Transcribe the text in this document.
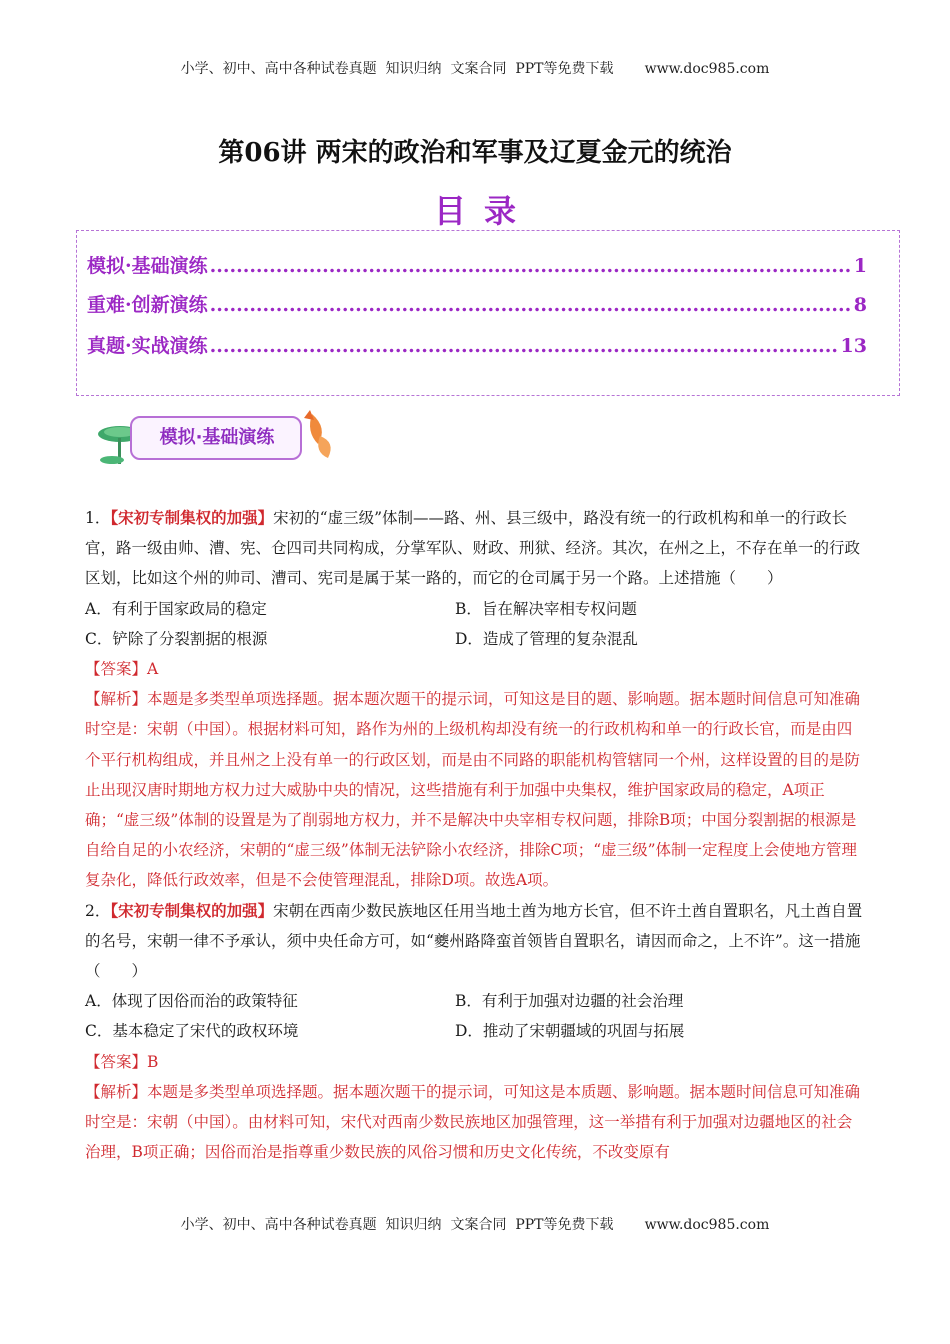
小学、初中、高中各种试卷真题  知识归纳  文案合同  PPT等免费下载       www.doc985.com
第06讲 两宋的政治和军事及辽夏金元的统治
目录
模拟·基础演练 .....	1
重难·创新演练 .....	8
真题·实战演练 .....	13
模拟·基础演练

1．【宋初专制集权的加强】宋初的“虚三级”体制——路、州、县三级中，路没有统一的行政机构和单一的行政长官，路一级由帅、漕、宪、仓四司共同构成，分掌军队、财政、刑狱、经济。其次，在州之上，不存在单一的行政区划，比如这个州的帅司、漕司、宪司是属于某一路的，而它的仓司属于另一个路。上述措施（　　）

A．有利于国家政局的稳定	B．旨在解决宰相专权问题
C．铲除了分裂割据的根源	D．造成了管理的复杂混乱

【答案】A

【解析】本题是多类型单项选择题。据本题次题干的提示词，可知这是目的题、影响题。据本题时间信息可知准确时空是：宋朝（中国）。根据材料可知，路作为州的上级机构却没有统一的行政机构和单一的行政长官，而是由四个平行机构组成，并且州之上没有单一的行政区划，而是由不同路的职能机构管辖同一个州，这样设置的目的是防止出现汉唐时期地方权力过大威胁中央的情况，这些措施有利于加强中央集权，维护国家政局的稳定，A项正确；“虚三级”体制的设置是为了削弱地方权力，并不是解决中央宰相专权问题，排除B项；中国分裂割据的根源是自给自足的小农经济，宋朝的“虚三级”体制无法铲除小农经济，排除C项；“虚三级”体制一定程度上会使地方管理复杂化，降低行政效率，但是不会使管理混乱，排除D项。故选A项。

2．【宋初专制集权的加强】宋朝在西南少数民族地区任用当地土酋为地方长官，但不许土酋自置职名，凡土酋自置的名号，宋朝一律不予承认，须中央任命方可，如“夔州路降蛮首领皆自置职名，请因而命之，上不许”。这一措施（　　）

A．体现了因俗而治的政策特征	B．有利于加强对边疆的社会治理
C．基本稳定了宋代的政权环境	D．推动了宋朝疆域的巩固与拓展

【答案】B

【解析】本题是多类型单项选择题。据本题次题干的提示词，可知这是本质题、影响题。据本题时间信息可知准确时空是：宋朝（中国）。由材料可知，宋代对西南少数民族地区加强管理，这一举措有利于加强对边疆地区的社会治理，B项正确；因俗而治是指尊重少数民族的风俗习惯和历史文化传统，不改变原有

小学、初中、高中各种试卷真题  知识归纳  文案合同  PPT等免费下载       www.doc985.com
